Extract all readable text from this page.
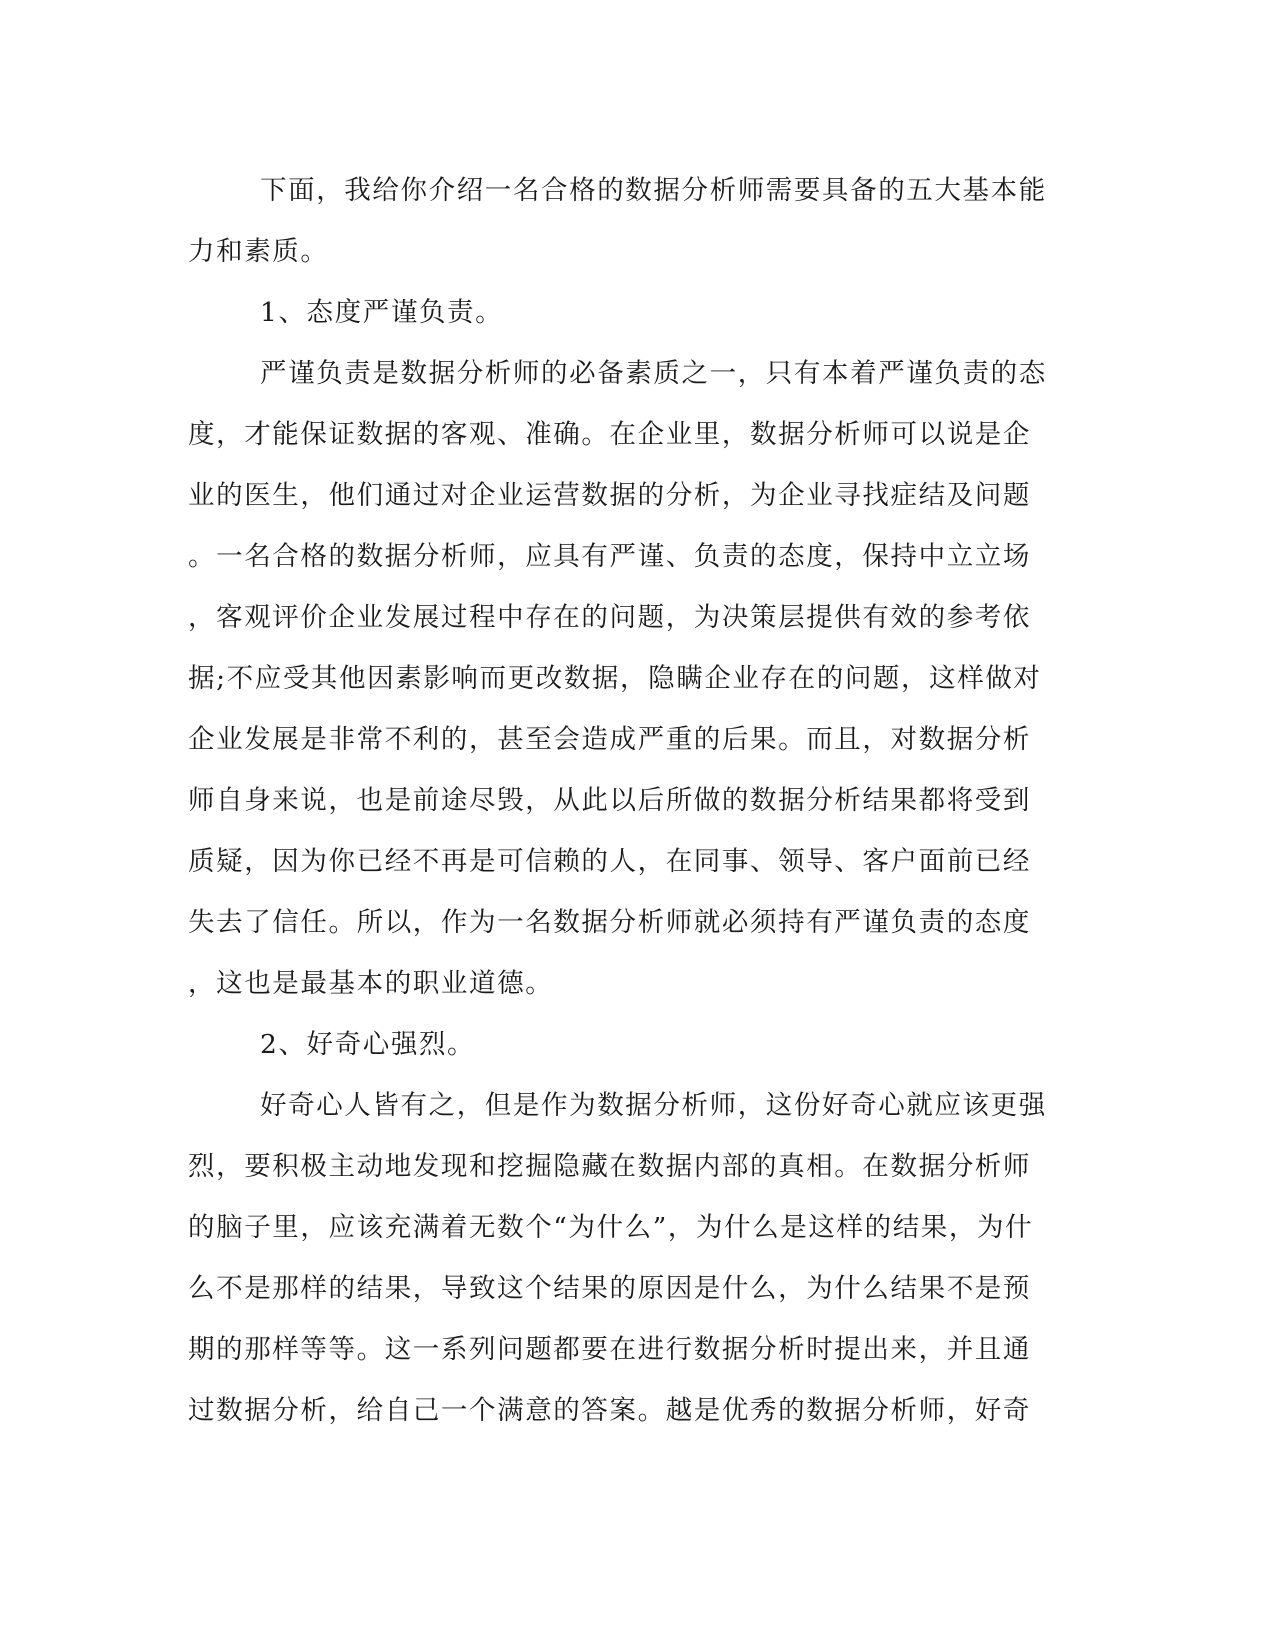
下面，我给你介绍一名合格的数据分析师需要具备的五大基本能
力和素质。
1、态度严谨负责。
严谨负责是数据分析师的必备素质之一，只有本着严谨负责的态
度，才能保证数据的客观、准确。在企业里，数据分析师可以说是企
业的医生，他们通过对企业运营数据的分析，为企业寻找症结及问题
。一名合格的数据分析师，应具有严谨、负责的态度，保持中立立场
，客观评价企业发展过程中存在的问题，为决策层提供有效的参考依
据;不应受其他因素影响而更改数据，隐瞒企业存在的问题，这样做对
企业发展是非常不利的，甚至会造成严重的后果。而且，对数据分析
师自身来说，也是前途尽毁，从此以后所做的数据分析结果都将受到
质疑，因为你已经不再是可信赖的人，在同事、领导、客户面前已经
失去了信任。所以，作为一名数据分析师就必须持有严谨负责的态度
，这也是最基本的职业道德。
2、好奇心强烈。
好奇心人皆有之，但是作为数据分析师，这份好奇心就应该更强
烈，要积极主动地发现和挖掘隐藏在数据内部的真相。在数据分析师
的脑子里，应该充满着无数个“为什么”，为什么是这样的结果，为什
么不是那样的结果，导致这个结果的原因是什么，为什么结果不是预
期的那样等等。这一系列问题都要在进行数据分析时提出来，并且通
过数据分析，给自己一个满意的答案。越是优秀的数据分析师，好奇
